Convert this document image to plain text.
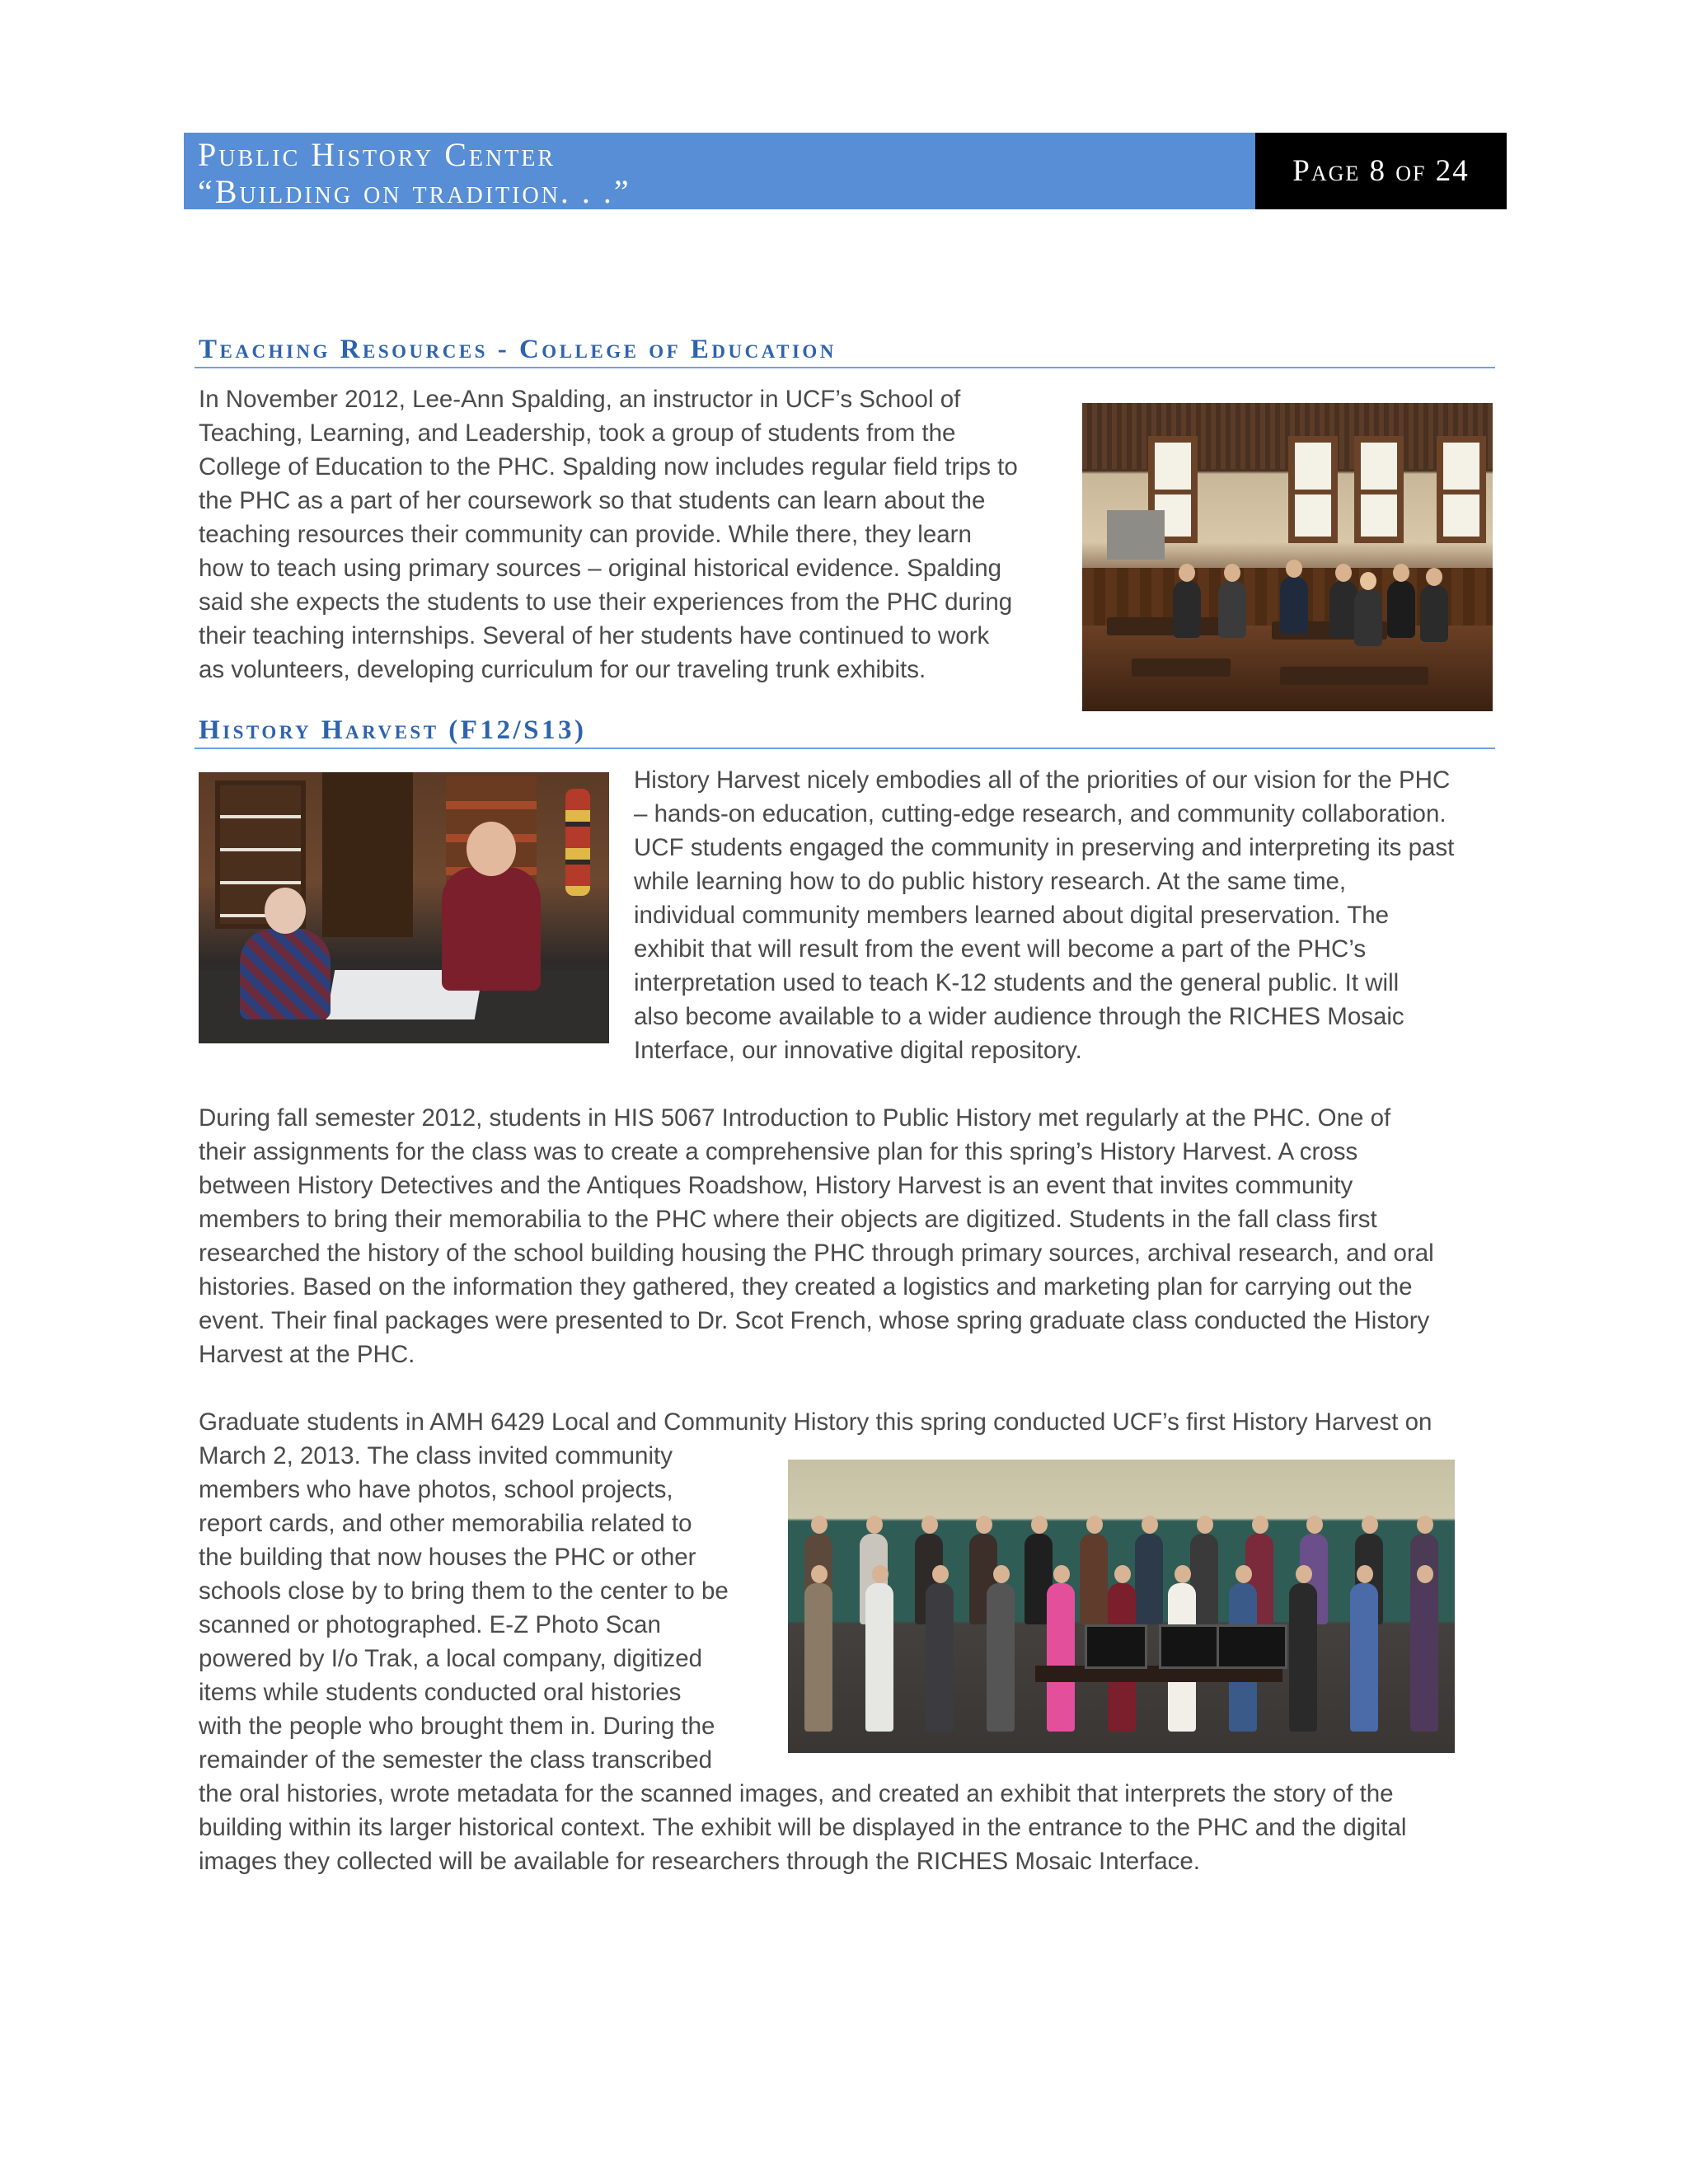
Public History Center
“Building on tradition. . .”
Page 8 of 24
Teaching Resources - College of Education
In November 2012, Lee-Ann Spalding, an instructor in UCF’s School of
Teaching, Learning, and Leadership, took a group of students from the
College of Education to the PHC. Spalding now includes regular field trips to
the PHC as a part of her coursework so that students can learn about the
teaching resources their community can provide. While there, they learn
how to teach using primary sources – original historical evidence. Spalding
said she expects the students to use their experiences from the PHC during
their teaching internships. Several of her students have continued to work
as volunteers, developing curriculum for our traveling trunk exhibits.
History Harvest (F12/S13)
History Harvest nicely embodies all of the priorities of our vision for the PHC
– hands-on education, cutting-edge research, and community collaboration.
UCF students engaged the community in preserving and interpreting its past
while learning how to do public history research. At the same time,
individual community members learned about digital preservation. The
exhibit that will result from the event will become a part of the PHC’s
interpretation used to teach K-12 students and the general public. It will
also become available to a wider audience through the RICHES Mosaic
Interface, our innovative digital repository.
During fall semester 2012, students in HIS 5067 Introduction to Public History met regularly at the PHC. One of
their assignments for the class was to create a comprehensive plan for this spring’s History Harvest. A cross
between History Detectives and the Antiques Roadshow, History Harvest is an event that invites community
members to bring their memorabilia to the PHC where their objects are digitized. Students in the fall class first
researched the history of the school building housing the PHC through primary sources, archival research, and oral
histories. Based on the information they gathered, they created a logistics and marketing plan for carrying out the
event. Their final packages were presented to Dr. Scot French, whose spring graduate class conducted the History
Harvest at the PHC.
Graduate students in AMH 6429 Local and Community History this spring conducted UCF’s first History Harvest on
March 2, 2013. The class invited community
members who have photos, school projects,
report cards, and other memorabilia related to
the building that now houses the PHC or other
schools close by to bring them to the center to be
scanned or photographed. E-Z Photo Scan
powered by I/o Trak, a local company, digitized
items while students conducted oral histories
with the people who brought them in. During the
remainder of the semester the class transcribed
the oral histories, wrote metadata for the scanned images, and created an exhibit that interprets the story of the
building within its larger historical context. The exhibit will be displayed in the entrance to the PHC and the digital
images they collected will be available for researchers through the RICHES Mosaic Interface.
